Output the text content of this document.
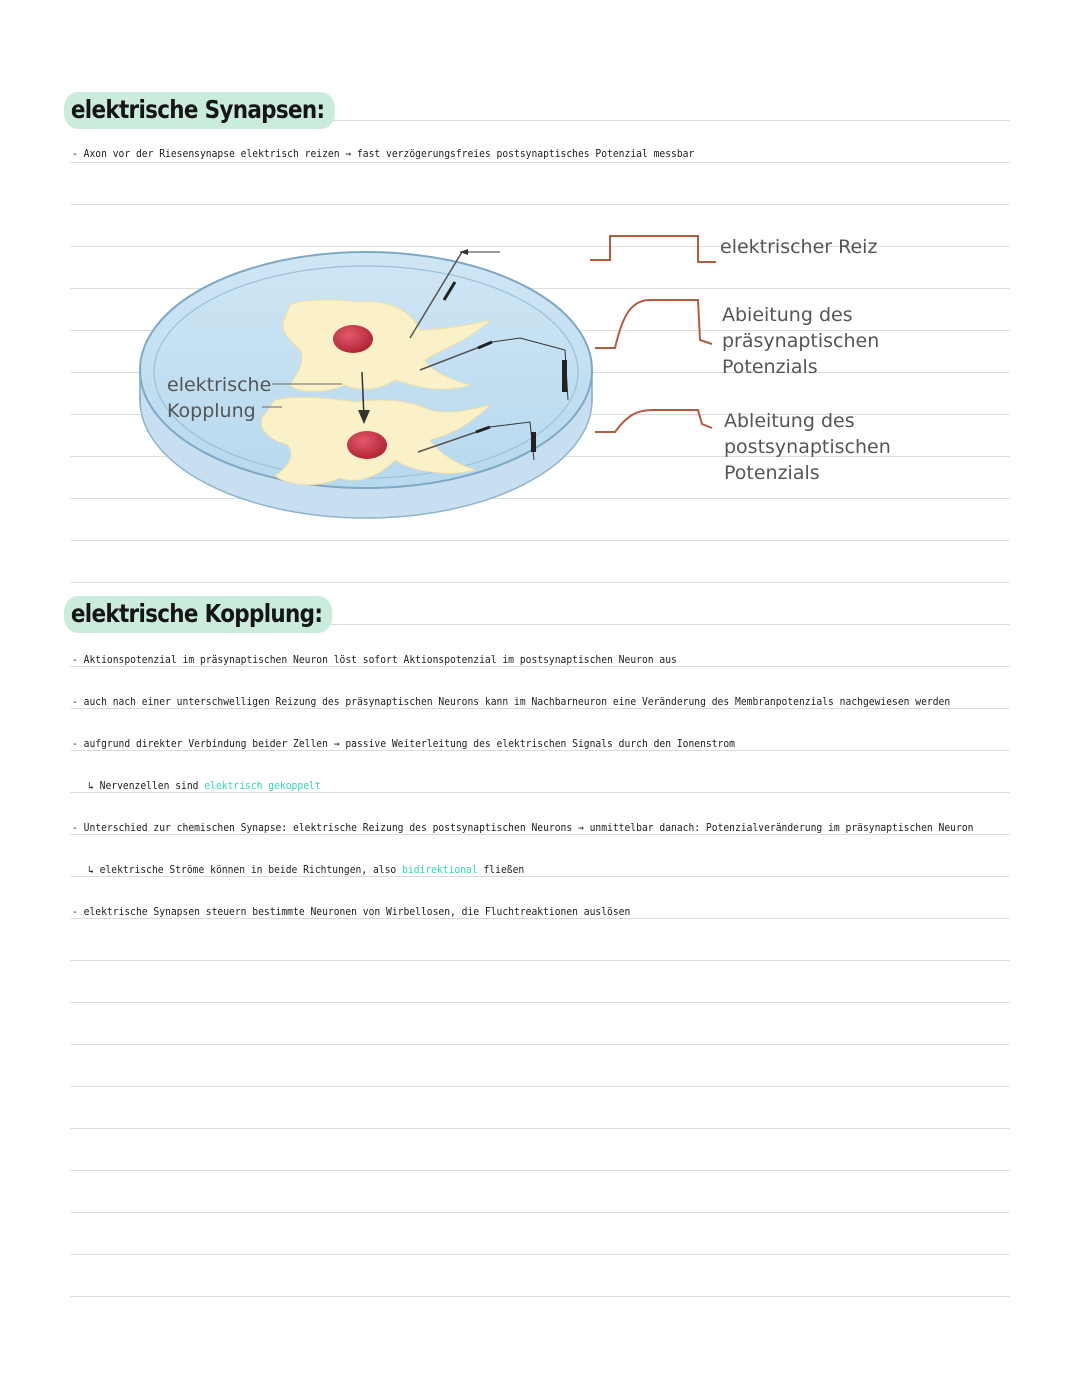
elektrische Synapsen:
- Axon vor der Riesensynapse elektrisch reizen → fast verzögerungsfreies postsynaptisches Potenzial messbar
elektrische
Kopplung
elektrischer Reiz
Abieitung des
präsynaptischen
Potenzials
Ableitung des
postsynaptischen
Potenzials
elektrische Kopplung:
- Aktionspotenzial im präsynaptischen Neuron löst sofort Aktionspotenzial im postsynaptischen Neuron aus
- auch nach einer unterschwelligen Reizung des präsynaptischen Neurons kann im Nachbarneuron eine Veränderung des Membranpotenzials nachgewiesen werden
- aufgrund direkter Verbindung beider Zellen → passive Weiterleitung des elektrischen Signals durch den Ionenstrom
↳ Nervenzellen sind elektrisch gekoppelt
- Unterschied zur chemischen Synapse: elektrische Reizung des postsynaptischen Neurons → unmittelbar danach: Potenzialveränderung im präsynaptischen Neuron
↳ elektrische Ströme können in beide Richtungen, also bidirektional fließen
- elektrische Synapsen steuern bestimmte Neuronen von Wirbellosen, die Fluchtreaktionen auslösen
